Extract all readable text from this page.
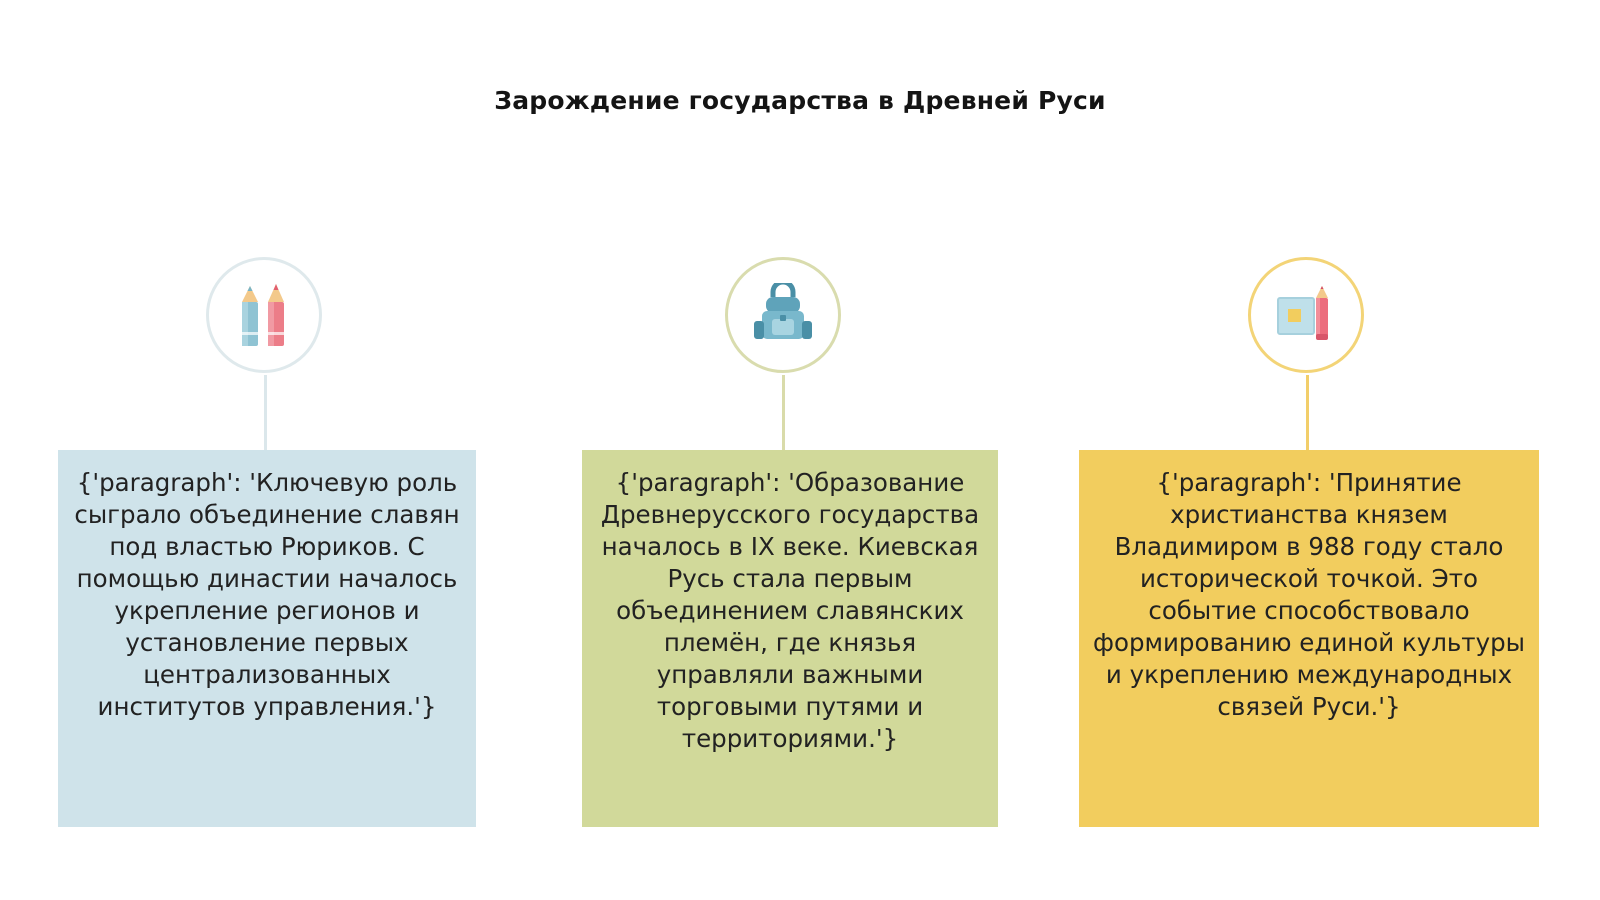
Зарождение государства в Древней Руси

{'paragraph': 'Ключевую роль сыграло объединение славян под властью Рюриков. С помощью династии началось укрепление регионов и установление первых централизованных институтов управления.'}

{'paragraph': 'Образование Древнерусского государства началось в IX веке. Киевская Русь стала первым объединением славянских племён, где князья управляли важными торговыми путями и территориями.'}

{'paragraph': 'Принятие христианства князем Владимиром в 988 году стало исторической точкой. Это событие способствовало формированию единой культуры и укреплению международных связей Руси.'}
